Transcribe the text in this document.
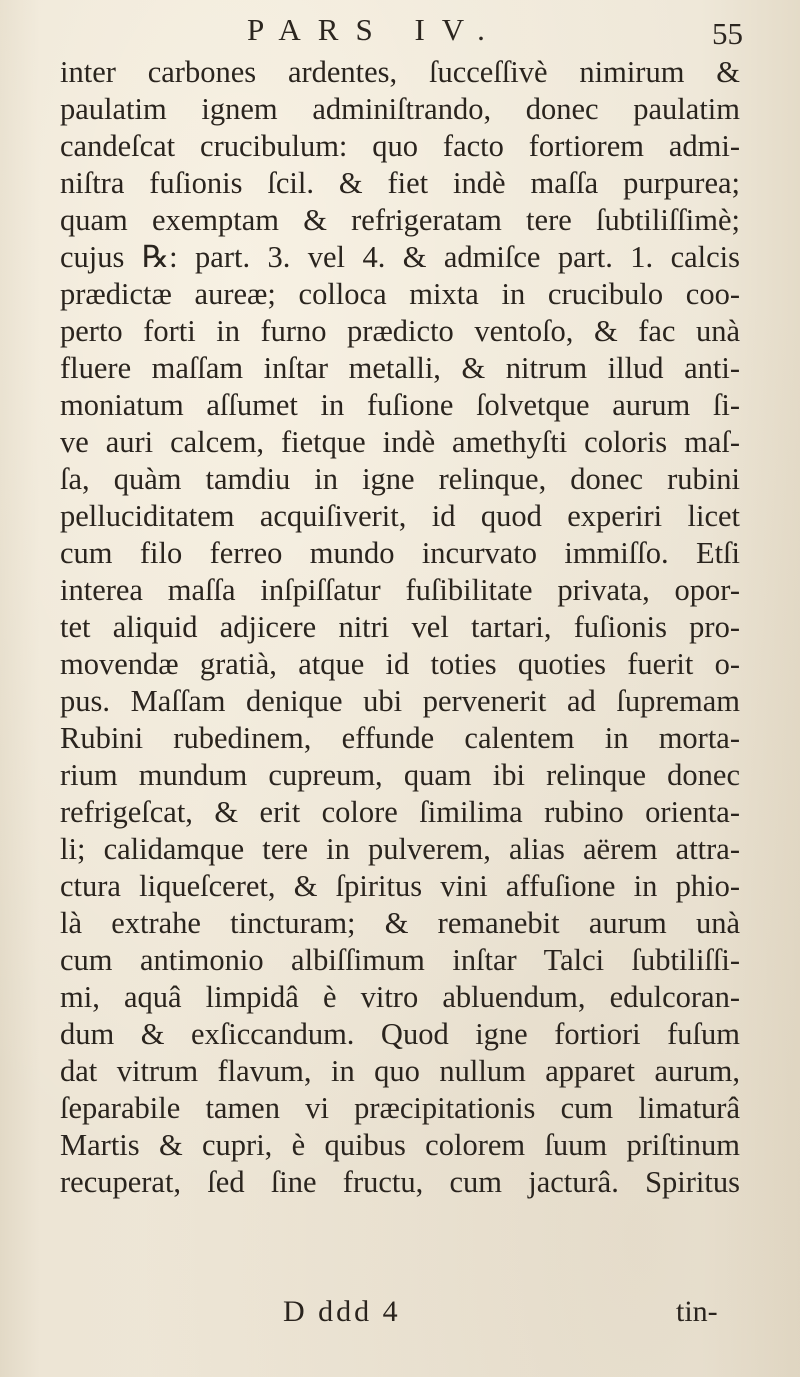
PARS IV.	55
inter carbones ardentes, ſucceſſivè nimirum &
paulatim ignem adminiſtrando, donec paulatim
candeſcat crucibulum: quo facto fortiorem admi-
niſtra fuſionis ſcil. & fiet indè maſſa purpurea;
quam exemptam & refrigeratam tere ſubtiliſſimè;
cujus ℞: part. 3. vel 4. & admiſce part. 1. calcis
prædictæ aureæ; colloca mixta in crucibulo coo-
perto forti in furno prædicto ventoſo, & fac unà
fluere maſſam inſtar metalli, & nitrum illud anti-
moniatum aſſumet in fuſione ſolvetque aurum ſi-
ve auri calcem, fietque indè amethyſti coloris maſ-
ſa, quàm tamdiu in igne relinque, donec rubini
pelluciditatem acquiſiverit, id quod experiri licet
cum filo ferreo mundo incurvato immiſſo. Etſi
interea maſſa inſpiſſatur fuſibilitate privata, opor-
tet aliquid adjicere nitri vel tartari, fuſionis pro-
movendæ gratià, atque id toties quoties fuerit o-
pus. Maſſam denique ubi pervenerit ad ſupremam
Rubini rubedinem, effunde calentem in morta-
rium mundum cupreum, quam ibi relinque donec
refrigeſcat, & erit colore ſimilima rubino orienta-
li; calidamque tere in pulverem, alias aërem attra-
ctura liqueſceret, & ſpiritus vini affuſione in phio-
là extrahe tincturam; & remanebit aurum unà
cum antimonio albiſſimum inſtar Talci ſubtiliſſi-
mi, aquâ limpidâ è vitro abluendum, edulcoran-
dum & exſiccandum. Quod igne fortiori fuſum
dat vitrum flavum, in quo nullum apparet aurum,
ſeparabile tamen vi præcipitationis cum limaturâ
Martis & cupri, è quibus colorem ſuum priſtinum
recuperat, ſed ſine fructu, cum jacturâ. Spiritus
D ddd 4	tin-
